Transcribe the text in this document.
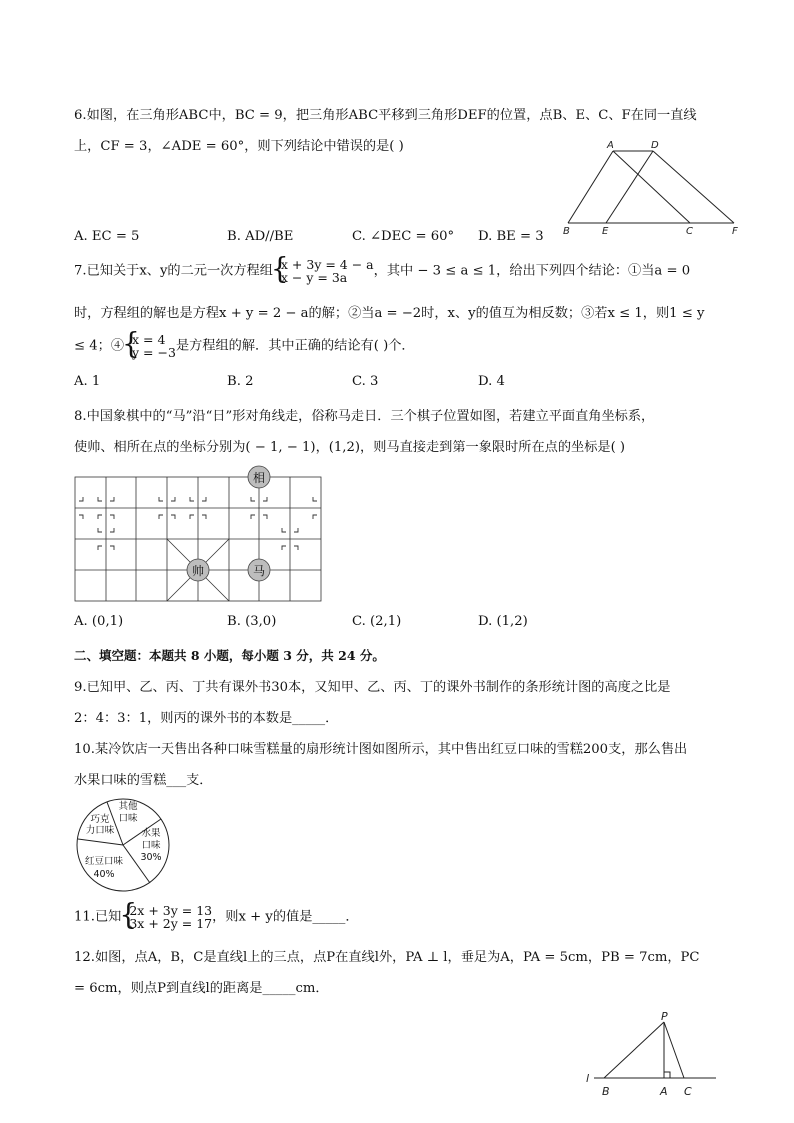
6.如图，在三角形ABC中，BC = 9，把三角形ABC平移到三角形DEF的位置，点B、E、C、F在同一直线
上，CF = 3，∠ADE = 60°，则下列结论中错误的是( )	A	D
B	E	C	F
A. EC = 5	B. AD//BE	C. ∠DEC = 60° D. BE = 3
7.已知关于x、y的二元一次方程组 { x + 3y = 4 − a
x − y = 3a	，其中 − 3 ≤ a ≤ 1，给出下列四个结论：①当a = 0
时，方程组的解也是方程x + y = 2 − a的解；②当a = −2时，x、y的值互为相反数；③若x ≤ 1，则1 ≤ y
≤ 4；④ { x = 4
y = −3 是方程组的解．其中正确的结论有( )个．
A. 1	B. 2	C. 3	D. 4
8.中国象棋中的“马”沿“日”形对角线走，俗称马走日．三个棋子位置如图，若建立平面直角坐标系，
使帅、相所在点的坐标分别为( − 1, − 1)，(1,2)，则马直接走到第一象限时所在点的坐标是( )
相
帅	马
A. (0,1)	B. (3,0)	C. (2,1)	D. (1,2)
二、填空题：本题共 8 小题，每小题 3 分，共 24 分。
9.已知甲、乙、丙、丁共有课外书30本，又知甲、乙、丙、丁的课外书制作的条形统计图的高度之比是
2：4：3：1，则丙的课外书的本数是_____．
10.某冷饮店一天售出各种口味雪糕量的扇形统计图如图所示，其中售出红豆口味的雪糕200支，那么售出
水果口味的雪糕___支．
其他
口味
巧克
力口味	水果
口味
30%
红豆口味
40%
11.已知 { 2x + 3y = 13
3x + 2y = 17 ，则x + y的值是_____．
12.如图，点A，B，C是直线l上的三点，点P在直线l外，PA ⊥ l，垂足为A，PA = 5cm，PB = 7cm，PC
= 6cm，则点P到直线l的距离是_____cm．
P
l
B	A C
